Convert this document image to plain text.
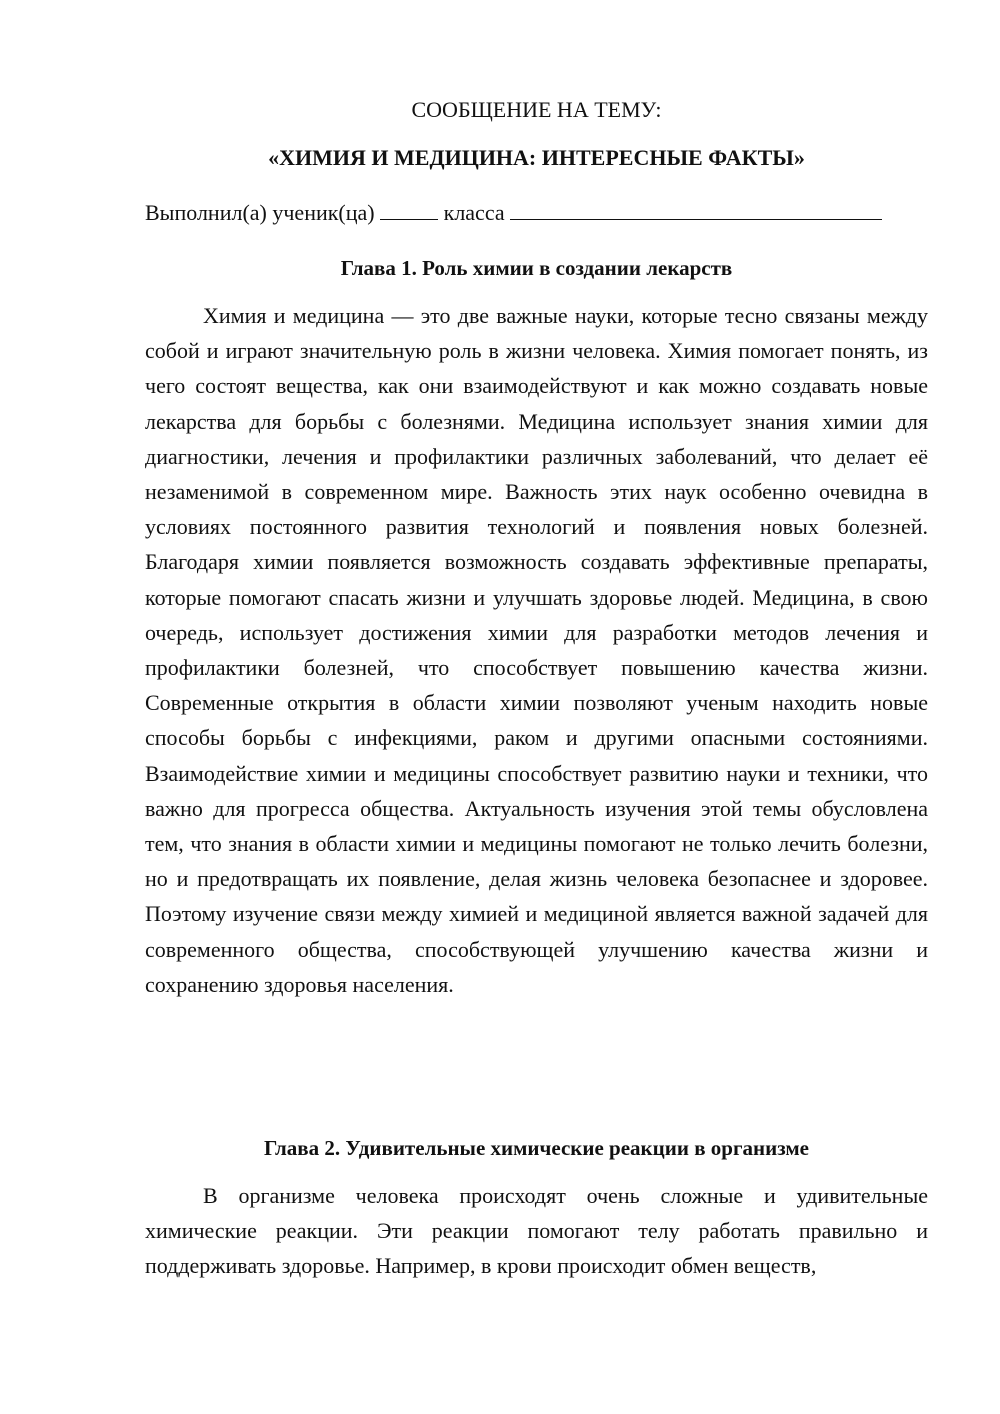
СООБЩЕНИЕ НА ТЕМУ:

«ХИМИЯ И МЕДИЦИНА: ИНТЕРЕСНЫЕ ФАКТЫ»

Выполнил(а) ученик(ца)	класса
Глава 1. Роль химии в создании лекарств

Химия и медицина — это две важные науки, которые тесно связаны между собой и играют значительную роль в жизни человека. Химия помогает понять, из чего состоят вещества, как они взаимодействуют и как можно создавать новые лекарства для борьбы с болезнями. Медицина использует знания химии для диагностики, лечения и профилактики различных заболеваний, что делает её незаменимой в современном мире. Важность этих наук особенно очевидна в условиях постоянного развития технологий и появления новых болезней. Благодаря химии появляется возможность создавать эффективные препараты, которые помогают спасать жизни и улучшать здоровье людей. Медицина, в свою очередь, использует достижения химии для разработки методов лечения и профилактики болезней, что способствует повышению качества жизни. Современные открытия в области химии позволяют ученым находить новые способы борьбы с инфекциями, раком и другими опасными состояниями. Взаимодействие химии и медицины способствует развитию науки и техники, что важно для прогресса общества. Актуальность изучения этой темы обусловлена тем, что знания в области химии и медицины помогают не только лечить болезни, но и предотвращать их появление, делая жизнь человека безопаснее и здоровее. Поэтому изучение связи между химией и медициной является важной задачей для современного общества, способствующей улучшению качества жизни и сохранению здоровья населения.

Глава 2. Удивительные химические реакции в организме

В организме человека происходят очень сложные и удивительные химические реакции. Эти реакции помогают телу работать правильно и поддерживать здоровье. Например, в крови происходит обмен веществ,
